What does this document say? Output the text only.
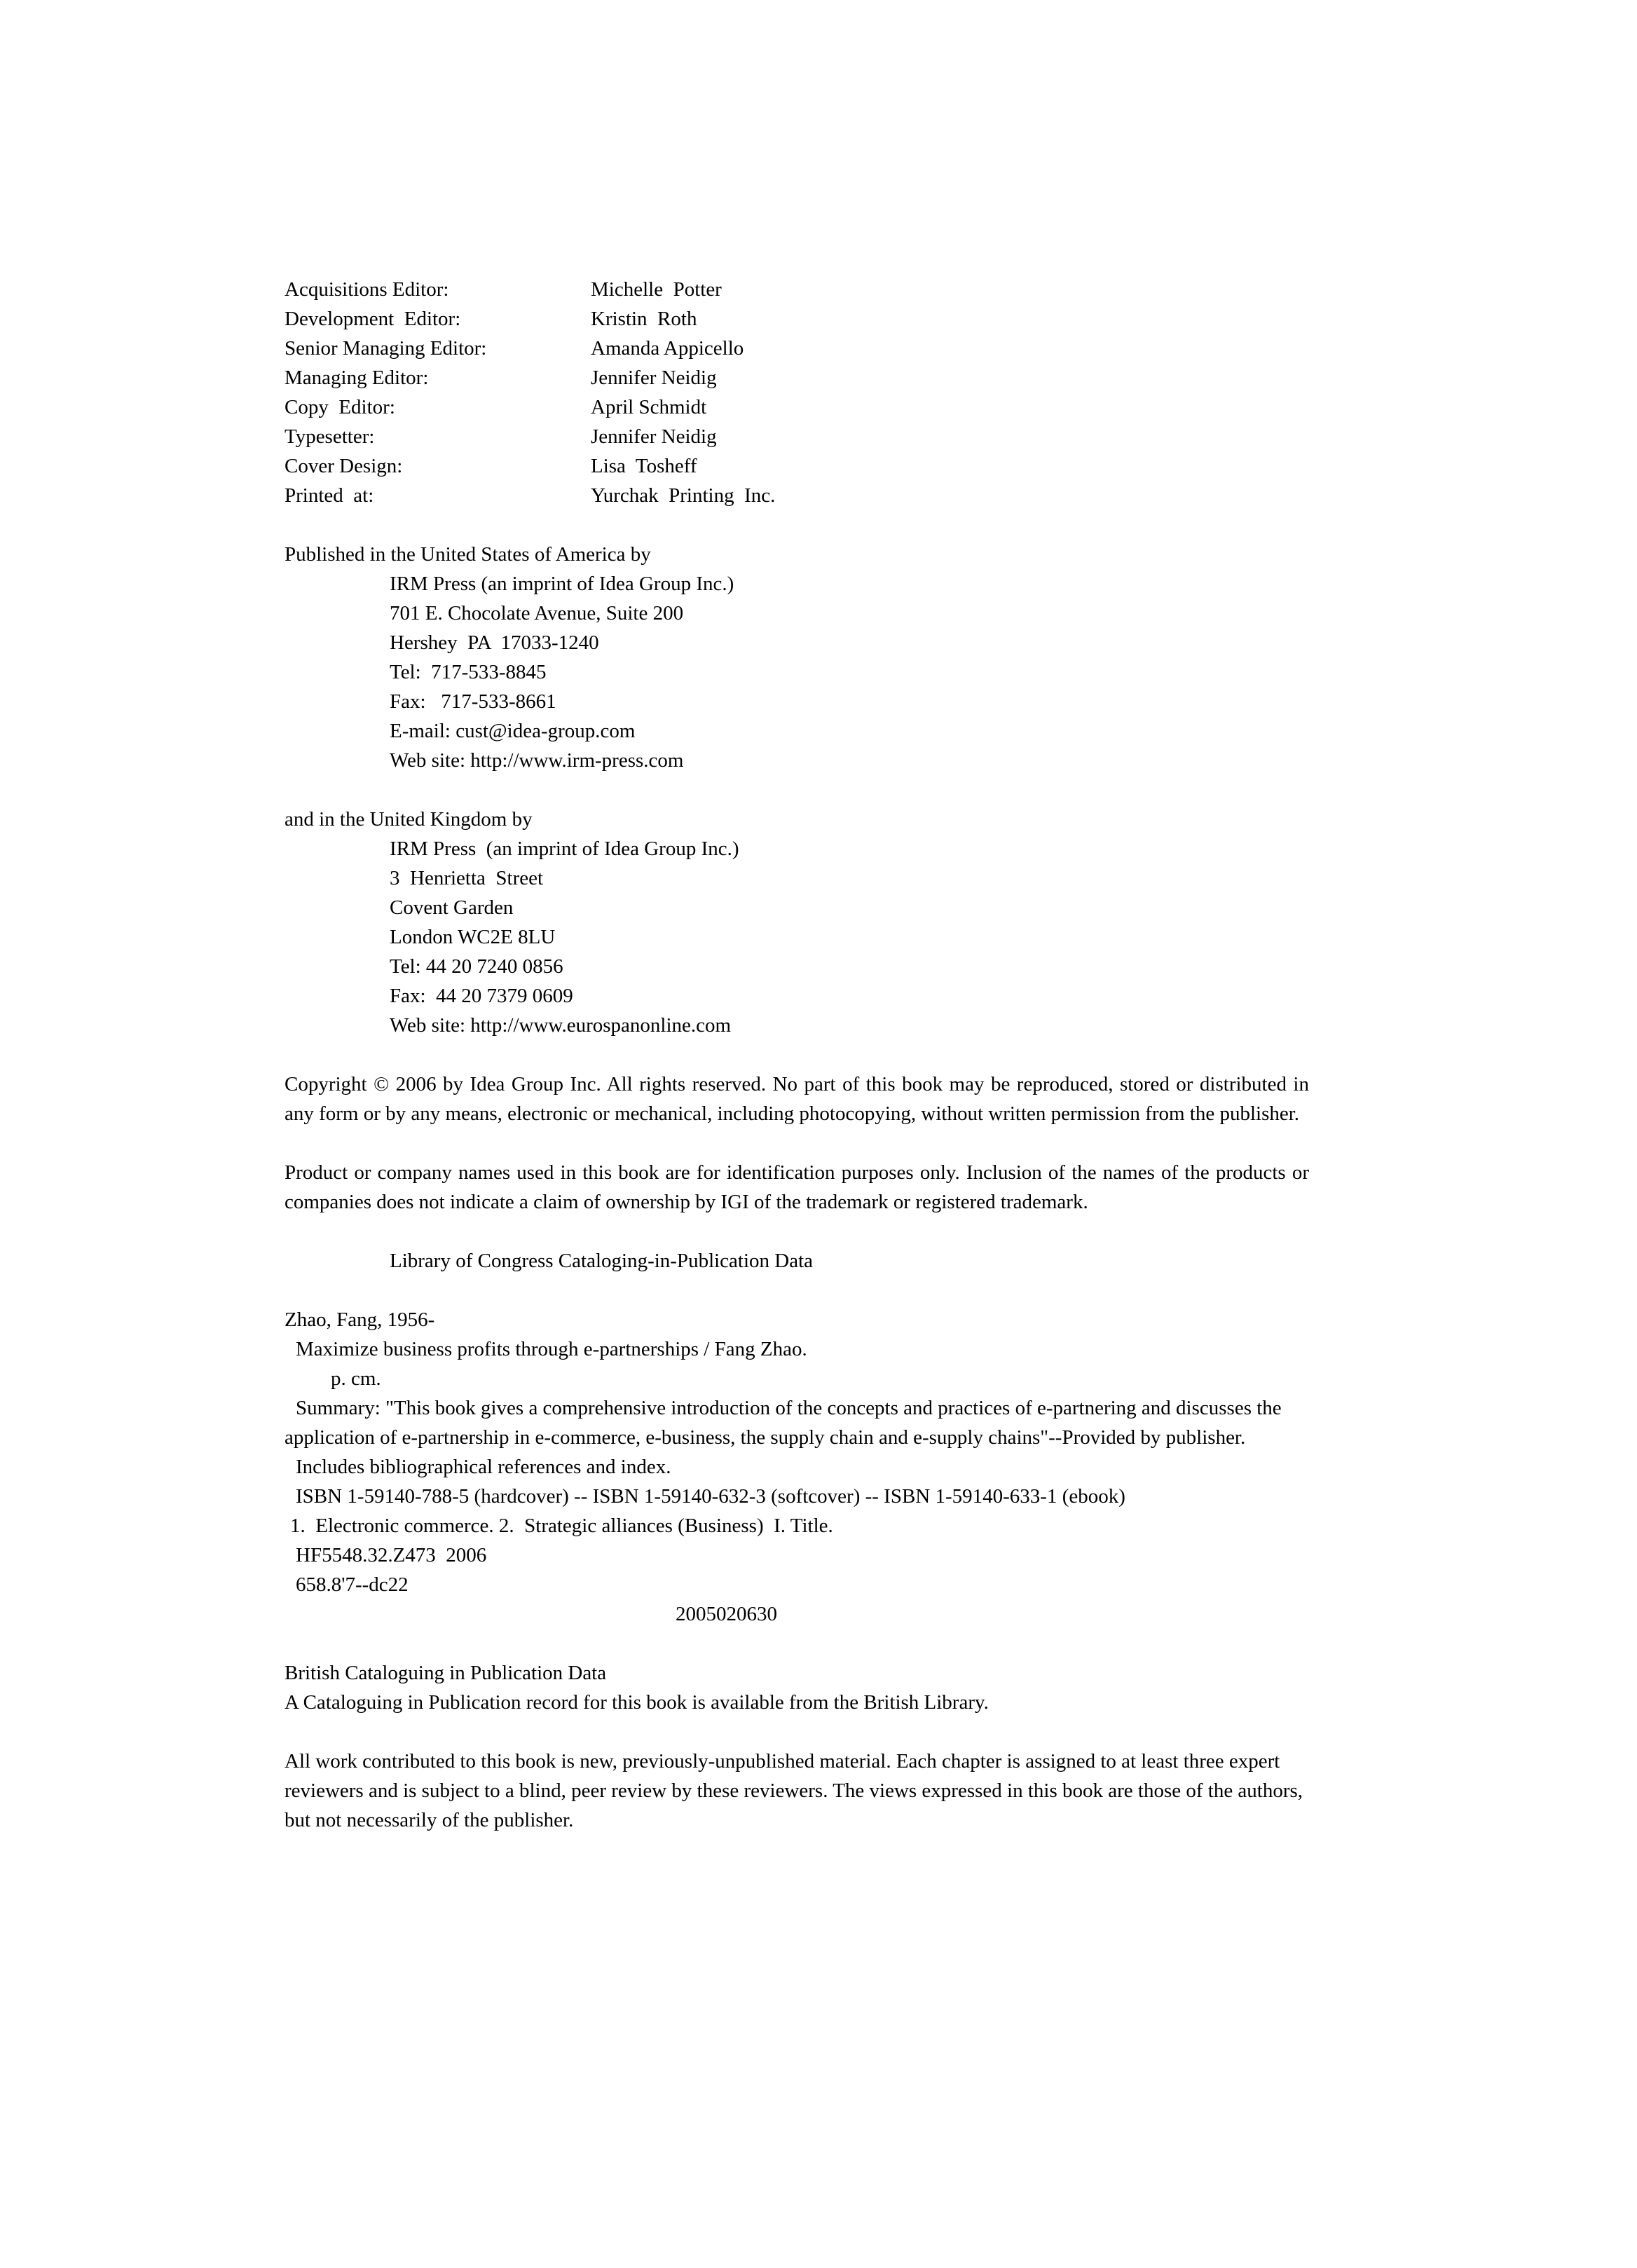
Acquisitions Editor:	Michelle  Potter
Development  Editor:	Kristin  Roth
Senior Managing Editor:	Amanda Appicello
Managing Editor:	Jennifer Neidig
Copy  Editor:	April Schmidt
Typesetter:	Jennifer Neidig
Cover Design:	Lisa  Tosheff
Printed  at:	Yurchak  Printing  Inc.

Published in the United States of America by

IRM Press (an imprint of Idea Group Inc.)
701 E. Chocolate Avenue, Suite 200
Hershey  PA  17033-1240
Tel:  717-533-8845
Fax:   717-533-8661
E-mail: cust@idea-group.com
Web site: http://www.irm-press.com

and in the United Kingdom by

IRM Press  (an imprint of Idea Group Inc.)
3  Henrietta  Street
Covent Garden
London WC2E 8LU
Tel: 44 20 7240 0856
Fax:  44 20 7379 0609
Web site: http://www.eurospanonline.com

Copyright © 2006 by Idea Group Inc. All rights reserved. No part of this book may be reproduced, stored or distributed in any form or by any means, electronic or mechanical, including photocopying, without written permission from the publisher.

Product or company names used in this book are for identification purposes only. Inclusion of the names of the products or companies does not indicate a claim of ownership by IGI of the trademark or registered trademark.

Library of Congress Cataloging-in-Publication Data

Zhao, Fang, 1956-
Maximize business profits through e-partnerships / Fang Zhao.
p. cm.

Summary: "This book gives a comprehensive introduction of the concepts and practices of e-partnering and discusses the application of e-partnership in e-commerce, e-business, the supply chain and e-supply chains"--Provided by publisher.

Includes bibliographical references and index.

ISBN 1-59140-788-5 (hardcover) -- ISBN 1-59140-632-3 (softcover) -- ISBN 1-59140-633-1 (ebook)

1.  Electronic commerce. 2.  Strategic alliances (Business)  I. Title.
HF5548.32.Z473  2006
658.8'7--dc22
2005020630

British Cataloguing in Publication Data

A Cataloguing in Publication record for this book is available from the British Library.

All work contributed to this book is new, previously-unpublished material. Each chapter is assigned to at least three expert reviewers and is subject to a blind, peer review by these reviewers. The views expressed in this book are those of the authors, but not necessarily of the publisher.
